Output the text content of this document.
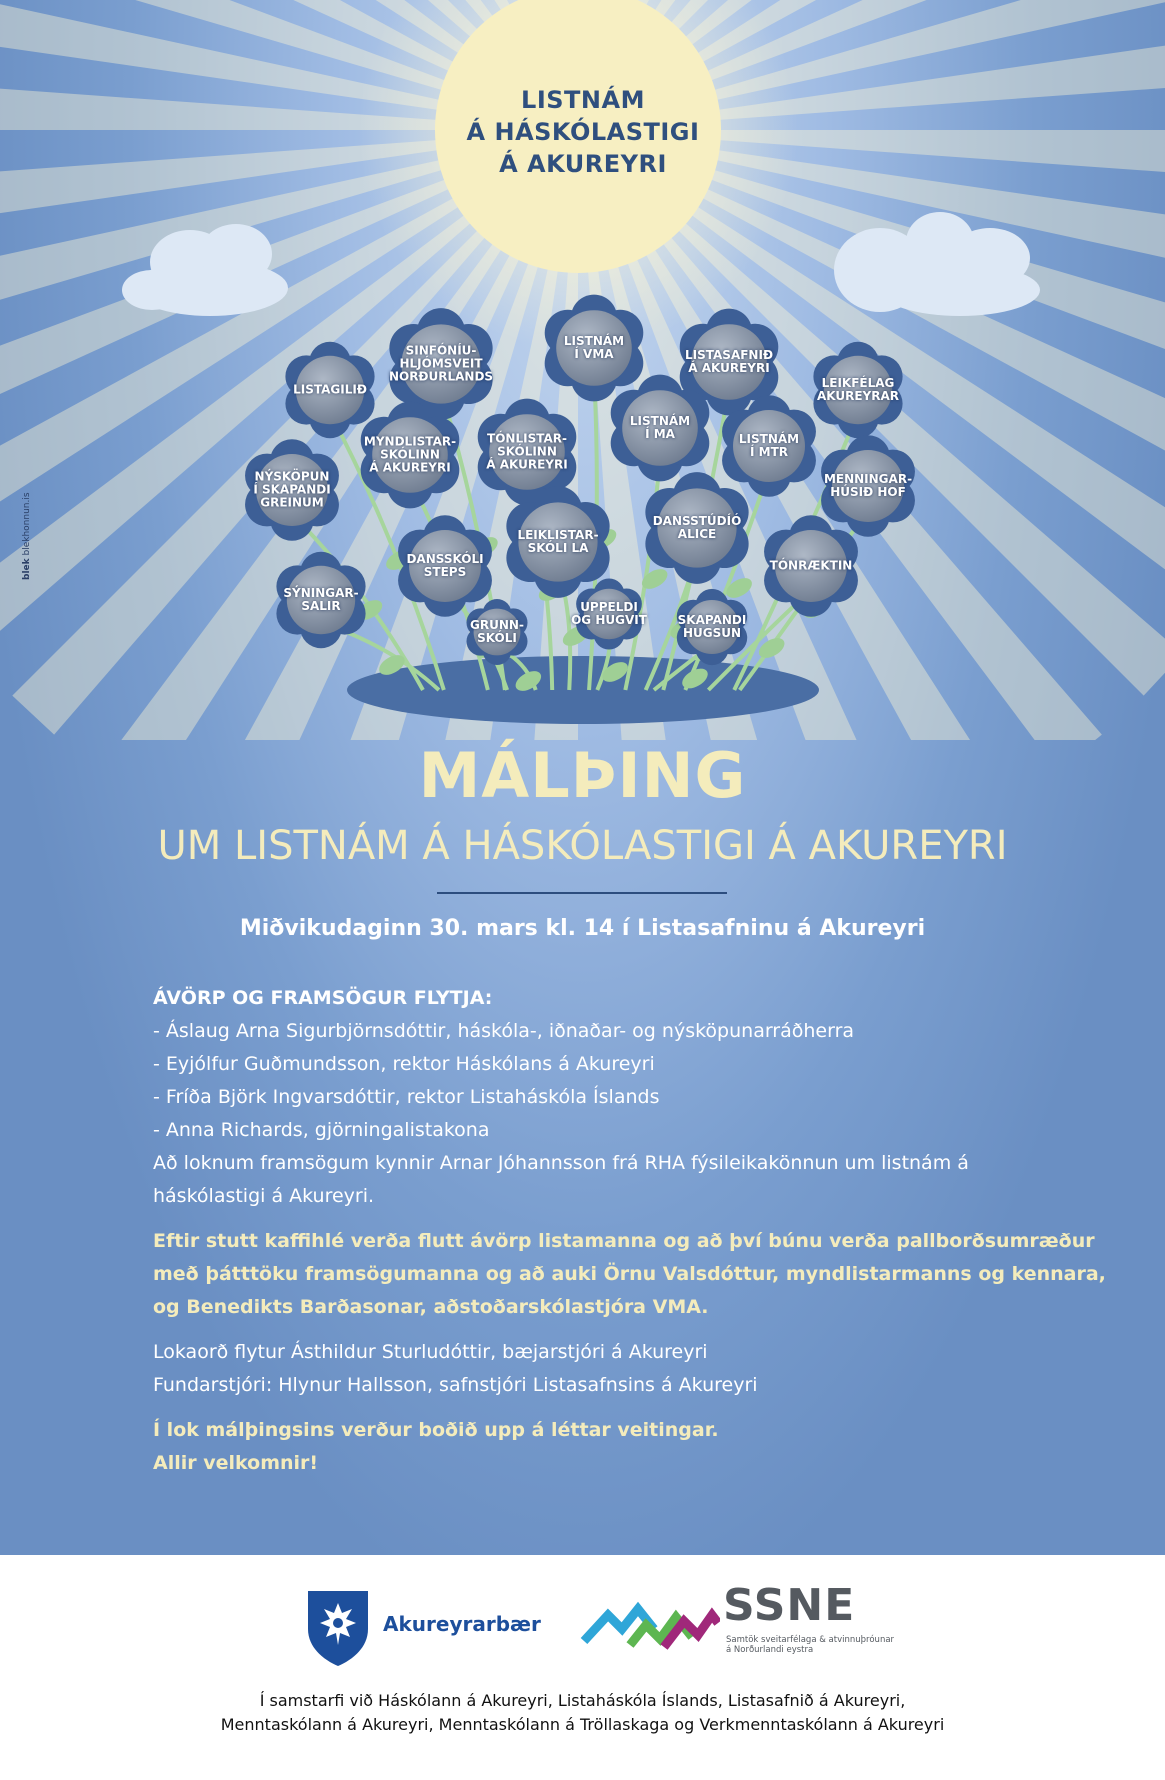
LISTNÁM
Á HÁSKÓLASTIGI
Á AKUREYRI
LISTAGILIÐ
SINFÓNÍU-
HLJÓMSVEIT
NORÐURLANDS
LISTNÁM
Í VMA	LISTASAFNIÐ
Á AKUREYRI
LEIKFÉLAG
AKUREYRAR
MYNDLISTAR-
SKÓLINN
Á AKUREYRI
TÓNLISTAR-
SKÓLINN
Á AKUREYRI
LISTNÁM
Í MA	LISTNÁM
Í MTR
NÝSKÖPUN
Í SKAPANDI
GREINUM
MENNINGAR-
HÚSIÐ HOF
DANSSTÚDÍÓ
ALICE
LEIKLISTAR-
SKÓLI LA
DANSSKÓLI
STEPS	TÓNRÆKTIN
SÝNINGAR-
SALIR
GRUNN-
SKÓLI
UPPELDI
OG HUGVIT	SKAPANDI
HUGSUN
blek blekhonnun.is
MÁLÞING
UM LISTNÁM Á HÁSKÓLASTIGI Á AKUREYRI
Miðvikudaginn 30. mars kl. 14 í Listasafninu á Akureyri

ÁVÖRP OG FRAMSÖGUR FLYTJA:

- Áslaug Arna Sigurbjörnsdóttir, háskóla-, iðnaðar- og nýsköpunarráðherra

- Eyjólfur Guðmundsson, rektor Háskólans á Akureyri

- Fríða Björk Ingvarsdóttir, rektor Listaháskóla Íslands

- Anna Richards, gjörningalistakona

Að loknum framsögum kynnir Arnar Jóhannsson frá RHA fýsileikakönnun um listnám á

háskólastigi á Akureyri.

Eftir stutt kaffihlé verða flutt ávörp listamanna og að því búnu verða pallborðsumræður

með þátttöku framsögumanna og að auki Örnu Valsdóttur, myndlistarmanns og kennara,

og Benedikts Barðasonar, aðstoðarskólastjóra VMA.

Lokaorð flytur Ásthildur Sturludóttir, bæjarstjóri á Akureyri

Fundarstjóri: Hlynur Hallsson, safnstjóri Listasafnsins á Akureyri

Í lok málþingsins verður boðið upp á léttar veitingar.

Allir velkomnir!

Akureyrarbær	SSNE
Samtök sveitarfélaga & atvinnuþróunar
á Norðurlandi eystra
Í samstarfi við Háskólann á Akureyri, Listaháskóla Íslands, Listasafnið á Akureyri,
Menntaskólann á Akureyri, Menntaskólann á Tröllaskaga og Verkmenntaskólann á Akureyri
